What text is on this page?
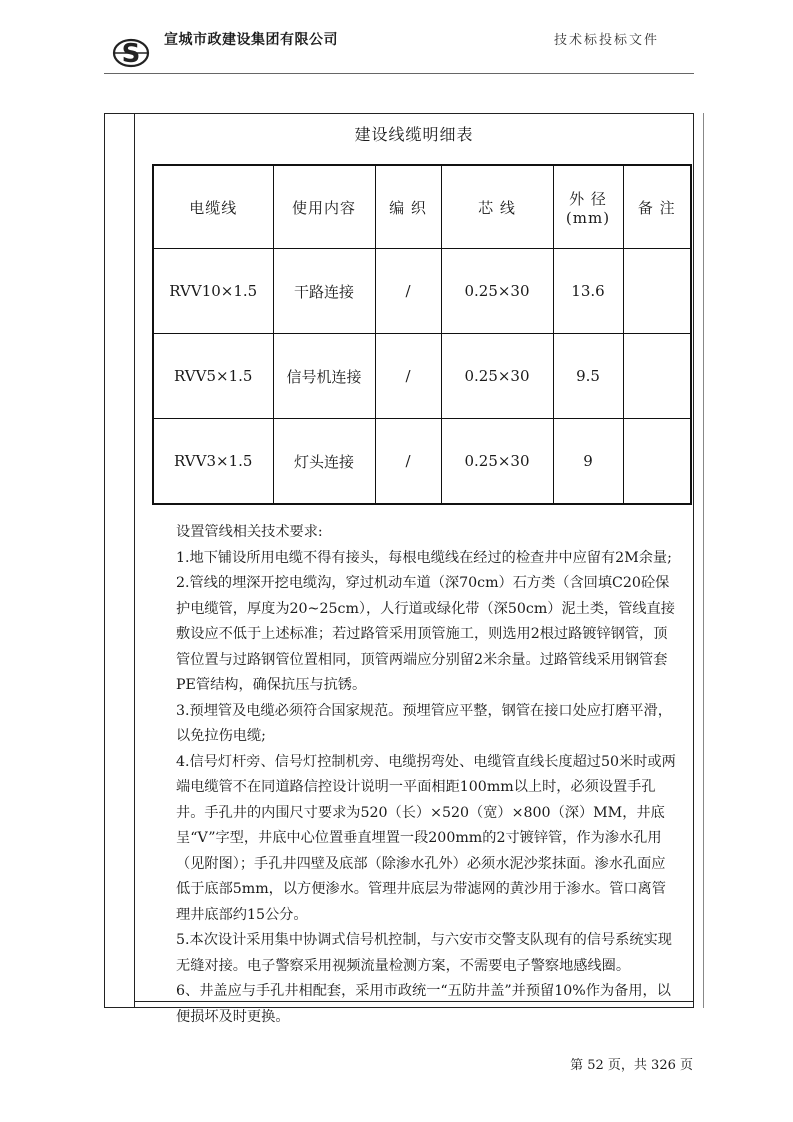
S 宣城市政建设集团有限公司	技术标投标文件
建设线缆明细表
电缆线	使用内容	编 织	芯 线	外 径(mm)	备 注
RVV10×1.5	干路连接	/	0.25×30	13.6	
RVV5×1.5	信号机连接	/	0.25×30	9.5	
RVV3×1.5	灯头连接	/	0.25×30	9	

设置管线相关技术要求:

1.地下铺设所用电缆不得有接头，每根电缆线在经过的检查井中应留有2M余量;

2.管线的埋深开挖电缆沟，穿过机动车道（深70cm）石方类（含回填C20砼保护电缆管，厚度为20~25cm），人行道或绿化带（深50cm）泥土类，管线直接敷设应不低于上述标准；若过路管采用顶管施工，则选用2根过路镀锌钢管，顶管位置与过路钢管位置相同，顶管两端应分别留2米余量。过路管线采用钢管套PE管结构，确保抗压与抗锈。

3.预埋管及电缆必须符合国家规范。预埋管应平整，钢管在接口处应打磨平滑，以免拉伤电缆;

4.信号灯杆旁、信号灯控制机旁、电缆拐弯处、电缆管直线长度超过50米时或两端电缆管不在同道路信控设计说明一平面相距100mm以上时，必须设置手孔井。手孔井的内围尺寸要求为520（长）×520（宽）×800（深）MM，井底呈“V”字型，井底中心位置垂直埋置一段200mm的2寸镀锌管，作为渗水孔用（见附图）；手孔井四壁及底部（除渗水孔外）必须水泥沙浆抹面。渗水孔面应低于底部5mm，以方便渗水。管理井底层为带滤网的黄沙用于渗水。管口离管理井底部约15公分。

5.本次设计采用集中协调式信号机控制，与六安市交警支队现有的信号系统实现无缝对接。电子警察采用视频流量检测方案，不需要电子警察地感线圈。

6、井盖应与手孔井相配套，采用市政统一“五防井盖”并预留10%作为备用，以便损坏及时更换。

第 52 页，共 326 页
